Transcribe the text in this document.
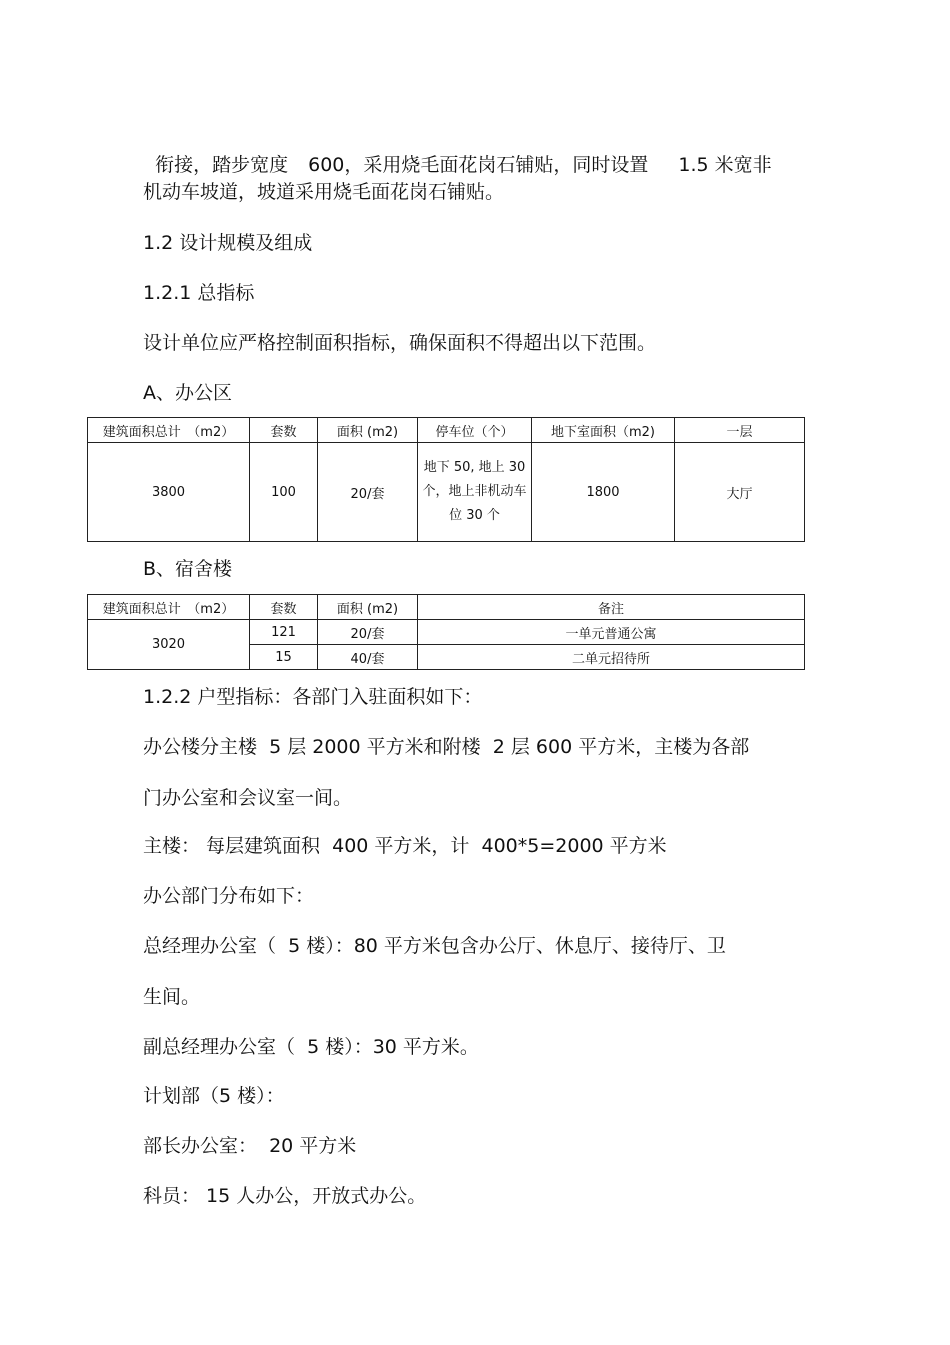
衔接，踏步宽度 600，采用烧毛面花岗石铺贴，同时设置 1.5 米宽非

机动车坡道，坡道采用烧毛面花岗石铺贴。
1.2 设计规模及组成
1.2.1 总指标
设计单位应严格控制面积指标，确保面积不得超出以下范围。
A、办公区
建筑面积总计　（m2）	套数	面积 (m2)	停车位（个）	地下室面积（m2)	一层
3800	100	20/套	地下 50, 地上 30 个，地上非机动车位 30 个	1800	大厅
B、宿舍楼
建筑面积总计　（m2）	套数	面积 (m2)	备注
3020	121	20/套	一单元普通公寓
	15	40/套	二单元招待所
1.2.2 户型指标：各部门入驻面积如下：
办公楼分主楼  5 层 2000 平方米和附楼  2 层 600 平方米，主楼为各部
门办公室和会议室一间。
主楼： 每层建筑面积  400 平方米，计  400*5=2000 平方米
办公部门分布如下：
总经理办公室（  5 楼）：80 平方米包含办公厅、休息厅、接待厅、卫
生间。
副总经理办公室（  5 楼）：30 平方米。
计划部（5 楼）：
部长办公室：  20 平方米
科员： 15 人办公，开放式办公。
